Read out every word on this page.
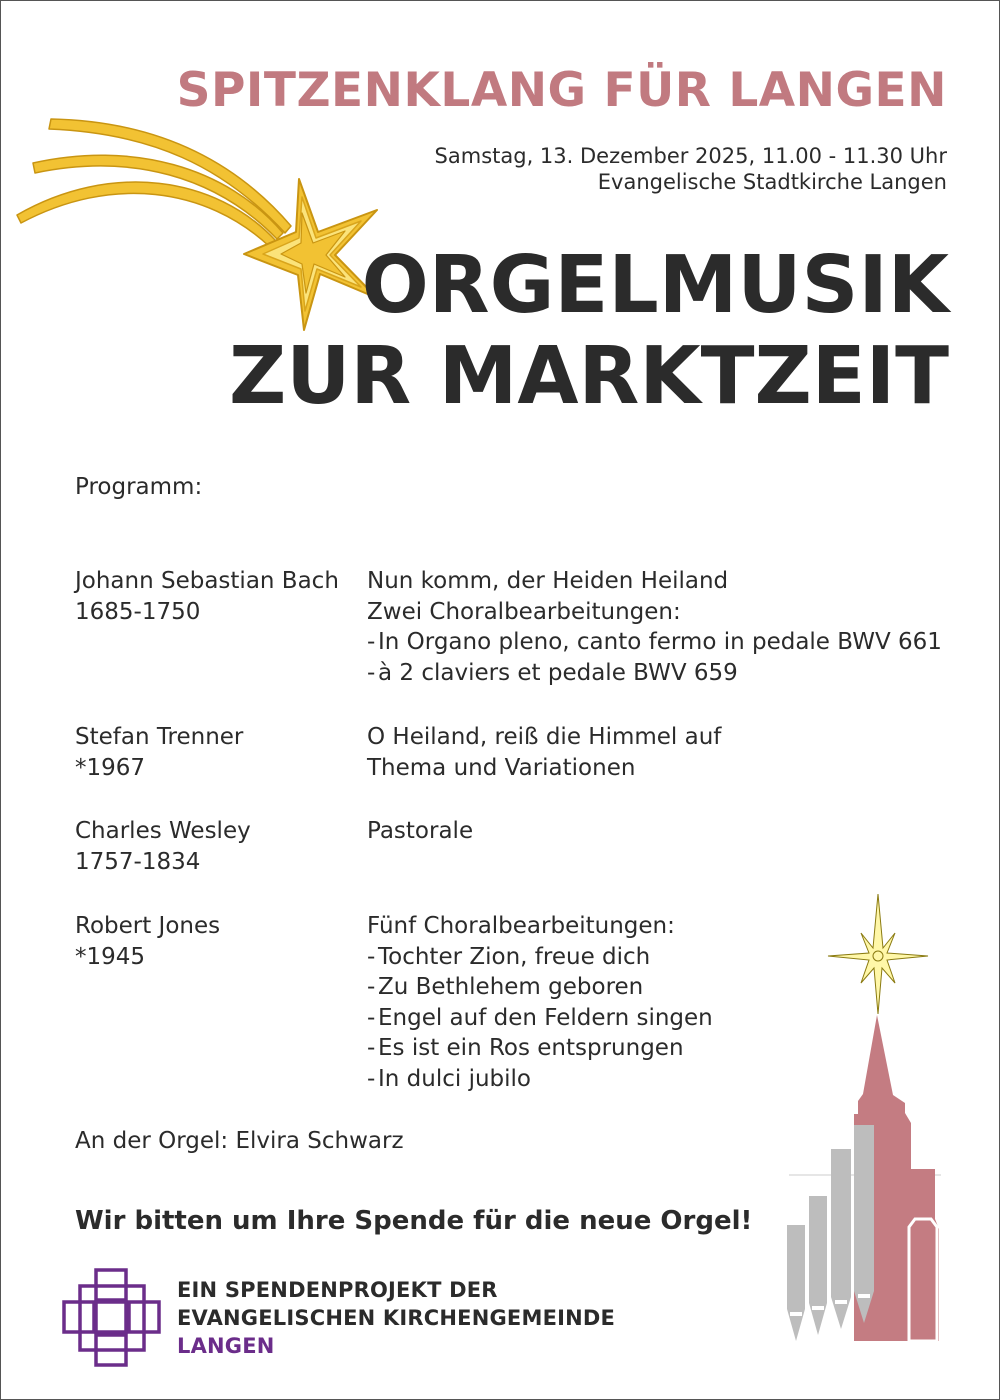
SPITZENKLANG FÜR LANGEN
Samstag, 13. Dezember 2025, 11.00 - 11.30 Uhr
Evangelische Stadtkirche Langen
ORGELMUSIK
ZUR MARKTZEIT
Programm:
Johann Sebastian Bach
1685-1750
Nun komm, der Heiden Heiland
Zwei Choralbearbeitungen:
- In Organo pleno, canto fermo in pedale BWV 661
- à 2 claviers et pedale BWV 659
Stefan Trenner
*1967
O Heiland, reiß die Himmel auf
Thema und Variationen
Charles Wesley
1757-1834
Pastorale
Robert Jones
*1945
Fünf Choralbearbeitungen:
- Tochter Zion, freue dich
- Zu Bethlehem geboren
- Engel auf den Feldern singen
- Es ist ein Ros entsprungen
- In dulci jubilo
An der Orgel: Elvira Schwarz
Wir bitten um Ihre Spende für die neue Orgel!
EIN SPENDENPROJEKT DER
EVANGELISCHEN KIRCHENGEMEINDE
LANGEN
